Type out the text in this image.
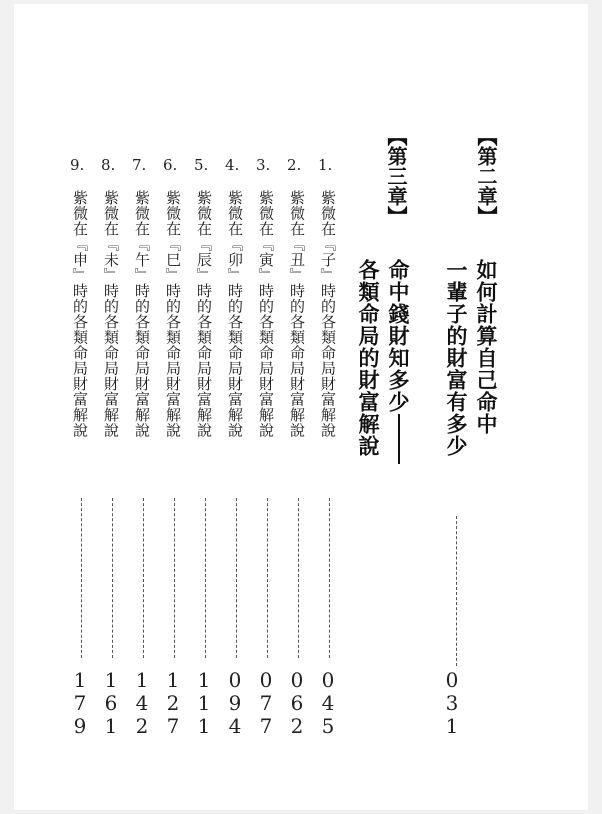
【第二章】
如何計算自己命中
一輩子的財富有多少
031
【第三章】
命中錢財知多少
各類命局的財富解說
1.
紫微在『子』時的各類命局財富解說
045
2.
紫微在『丑』時的各類命局財富解說
062
3.
紫微在『寅』時的各類命局財富解說
077
4.
紫微在『卯』時的各類命局財富解說
094
5.
紫微在『辰』時的各類命局財富解說
111
6.
紫微在『巳』時的各類命局財富解說
127
7.
紫微在『午』時的各類命局財富解說
142
8.
紫微在『未』時的各類命局財富解說
161
9.
紫微在『申』時的各類命局財富解說
179
